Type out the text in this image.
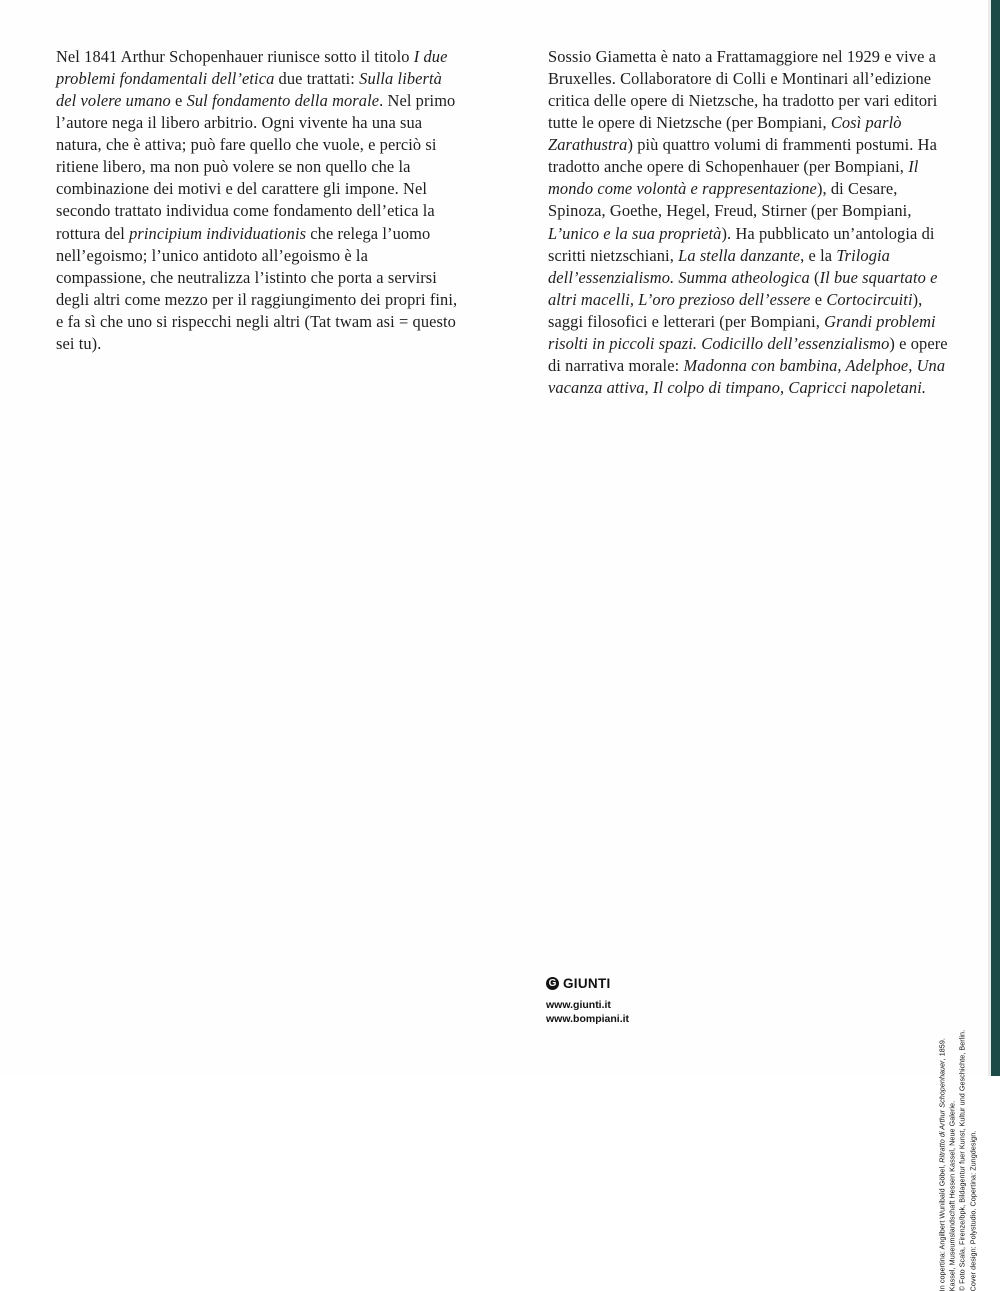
Nel 1841 Arthur Schopenhauer riunisce sotto il titolo I due problemi fondamentali dell’etica due trattati: Sulla libertà del volere umano e Sul fondamento della morale. Nel primo l’autore nega il libero arbitrio. Ogni vivente ha una sua natura, che è attiva; può fare quello che vuole, e perciò si ritiene libero, ma non può volere se non quello che la combinazione dei motivi e del carattere gli impone. Nel secondo trattato individua come fondamento dell’etica la rottura del principium individuationis che relega l’uomo nell’egoismo; l’unico antidoto all’egoismo è la compassione, che neutralizza l’istinto che porta a servirsi degli altri come mezzo per il raggiungimento dei propri fini, e fa sì che uno si rispecchi negli altri (Tat twam asi = questo sei tu).

Sossio Giametta è nato a Frattamaggiore nel 1929 e vive a Bruxelles. Collaboratore di Colli e Montinari all’edizione critica delle opere di Nietzsche, ha tradotto per vari editori tutte le opere di Nietzsche (per Bompiani, Così parlò Zarathustra) più quattro volumi di frammenti postumi. Ha tradotto anche opere di Schopenhauer (per Bompiani, Il mondo come volontà e rappresentazione), di Cesare, Spinoza, Goethe, Hegel, Freud, Stirner (per Bompiani, L’unico e la sua proprietà). Ha pubblicato un’antologia di scritti nietzschiani, La stella danzante, e la Trilogia dell’essenzialismo. Summa atheologica (Il bue squartato e altri macelli, L’oro prezioso dell’essere e Cortocircuiti), saggi filosofici e letterari (per Bompiani, Grandi problemi risolti in piccoli spazi. Codicillo dell’essenzialismo) e opere di narrativa morale: Madonna con bambina, Adelphoe, Una vacanza attiva, Il colpo di timpano, Capricci napoletani.

G GIUNTI
www.giunti.it
www.bompiani.it
In copertina: Angilbert Wunibald Göbel, Ritratto di Arthur Schopenhauer, 1859.
Kassel, Museumslandschaft Hessen Kassel, Neue Galerie. © Foto Scala, Firenze/bpk, Bildagentur fuer Kunst, Kultur und Geschichte, Berlin. Cover design: Polystudio. Copertina: Zungdesign.
